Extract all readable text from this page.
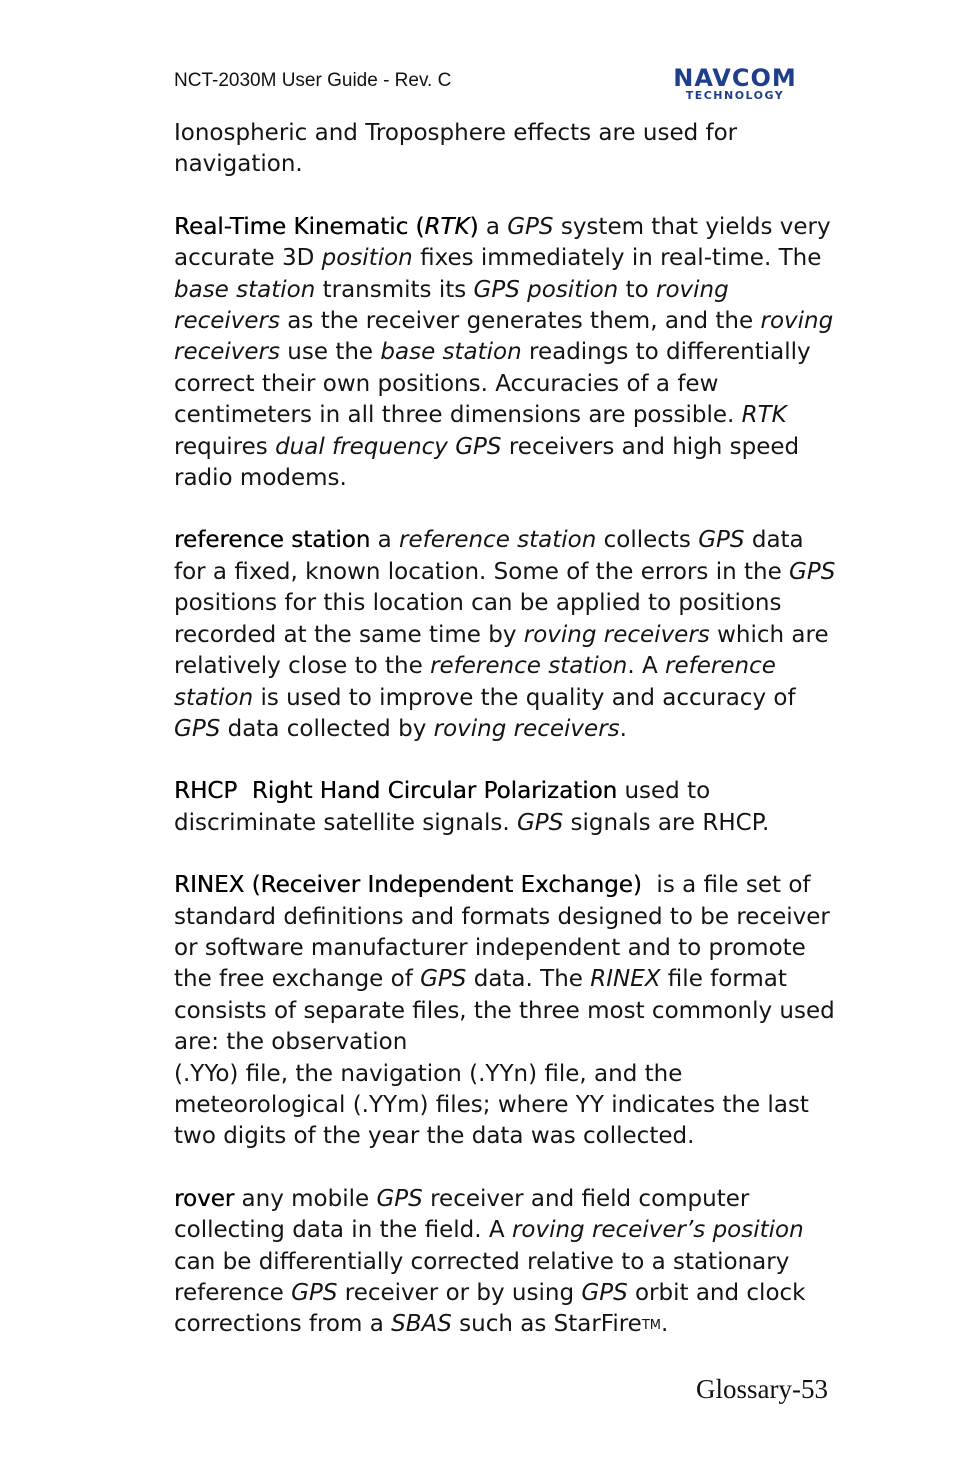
NCT-2030M User Guide - Rev. C	NAVCOM
TECHNOLOGY

Ionospheric and Troposphere effects are used for navigation.

Real-Time Kinematic (RTK) a GPS system that yields very accurate 3D position fixes immediately in real-time. The base station transmits its GPS position to roving receivers as the receiver generates them, and the roving receivers use the base station readings to differentially correct their own positions. Accuracies of a few centimeters in all three dimensions are possible. RTK requires dual frequency GPS receivers and high speed radio modems.

reference station a reference station collects GPS data for a fixed, known location. Some of the errors in the GPS positions for this location can be applied to positions recorded at the same time by roving receivers which are relatively close to the reference station. A reference station is used to improve the quality and accuracy of GPS data collected by roving receivers.

RHCP  Right Hand Circular Polarization used to discriminate satellite signals. GPS signals are RHCP.

RINEX (Receiver Independent Exchange)  is a file set of standard definitions and formats designed to be receiver or software manufacturer independent and to promote the free exchange of GPS data. The RINEX file format consists of separate files, the three most commonly used are: the observation
(.YYo) file, the navigation (.YYn) file, and the meteorological (.YYm) files; where YY indicates the last two digits of the year the data was collected.

rover any mobile GPS receiver and field computer collecting data in the field. A roving receiver’s position can be differentially corrected relative to a stationary reference GPS receiver or by using GPS orbit and clock corrections from a SBAS such as StarFireTM.

Glossary-53
